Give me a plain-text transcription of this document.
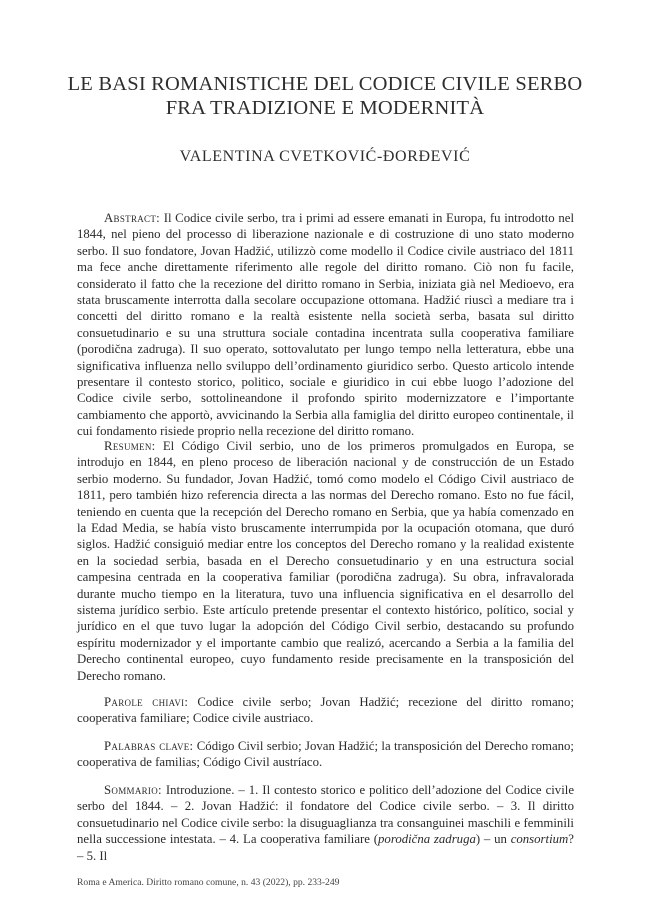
LE BASI ROMANISTICHE DEL CODICE CIVILE SERBO
FRA TRADIZIONE E MODERNITÀ
VALENTINA CVETKOVIĆ-ĐORĐEVIĆ

Abstract: Il Codice civile serbo, tra i primi ad essere emanati in Europa, fu introdotto nel 1844, nel pieno del processo di liberazione nazionale e di costruzione di uno stato moderno serbo. Il suo fondatore, Jovan Hadžić, utilizzò come modello il Codice civile austriaco del 1811 ma fece anche direttamente riferimento alle regole del diritto romano. Ciò non fu facile, considerato il fatto che la recezione del diritto romano in Serbia, iniziata già nel Medioevo, era stata bruscamente interrotta dalla secolare occupazione ottomana. Hadžić riuscì a mediare tra i concetti del diritto romano e la realtà esistente nella società serba, basata sul diritto consuetudinario e su una struttura sociale contadina incentrata sulla cooperativa familiare (porodična zadruga). Il suo operato, sottovalutato per lungo tempo nella letteratura, ebbe una significativa influenza nello sviluppo dell’ordinamento giuridico serbo. Questo articolo intende presentare il contesto storico, politico, sociale e giuridico in cui ebbe luogo l’adozione del Codice civile serbo, sottolineandone il profondo spirito modernizzatore e l’importante cambiamento che apportò, avvicinando la Serbia alla famiglia del diritto europeo continentale, il cui fondamento risiede proprio nella recezione del diritto romano.

Resumen: El Código Civil serbio, uno de los primeros promulgados en Europa, se introdujo en 1844, en pleno proceso de liberación nacional y de construcción de un Estado serbio moderno. Su fundador, Jovan Hadžić, tomó como modelo el Código Civil austriaco de 1811, pero también hizo referencia directa a las normas del Derecho romano. Esto no fue fácil, teniendo en cuenta que la recepción del Derecho romano en Serbia, que ya había comenzado en la Edad Media, se había visto bruscamente interrumpida por la ocupación otomana, que duró siglos. Hadžić consiguió mediar entre los conceptos del Derecho romano y la realidad existente en la sociedad serbia, basada en el Derecho consuetudinario y en una estructura social campesina centrada en la cooperativa familiar (porodična zadruga). Su obra, infravalorada durante mucho tiempo en la literatura, tuvo una influencia significativa en el desarrollo del sistema jurídico serbio. Este artículo pretende presentar el contexto histórico, político, social y jurídico en el que tuvo lugar la adopción del Código Civil serbio, destacando su profundo espíritu modernizador y el importante cambio que realizó, acercando a Serbia a la familia del Derecho continental europeo, cuyo fundamento reside precisamente en la transposición del Derecho romano.

Parole chiavi: Codice civile serbo; Jovan Hadžić; recezione del diritto romano; cooperativa familiare; Codice civile austriaco.

Palabras clave: Código Civil serbio; Jovan Hadžić; la transposición del Derecho romano; cooperativa de familias; Código Civil austríaco.

Sommario: Introduzione. – 1. Il contesto storico e politico dell’adozione del Codice civile serbo del 1844. – 2. Jovan Hadžić: il fondatore del Codice civile serbo. – 3. Il diritto consuetudinario nel Codice civile serbo: la disuguaglianza tra consanguinei maschili e femminili nella successione intestata. – 4. La cooperativa familiare (porodična zadruga) – un consortium? – 5. Il

Roma e America. Diritto romano comune, n. 43 (2022), pp. 233-249
